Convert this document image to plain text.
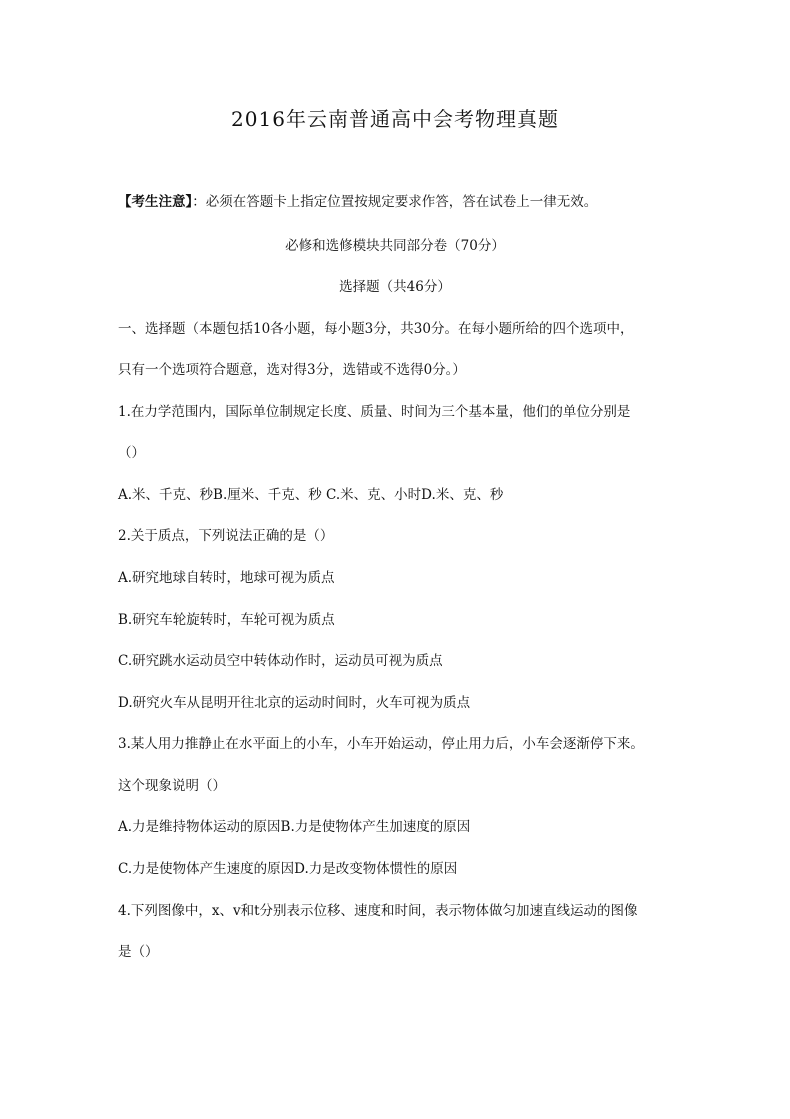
2016年云南普通高中会考物理真题
【考生注意】：必须在答题卡上指定位置按规定要求作答，答在试卷上一律无效。
必修和选修模块共同部分卷（70分）
选择题（共46分）
一、选择题（本题包括10各小题，每小题3分，共30分。在每小题所给的四个选项中，
只有一个选项符合题意，选对得3分，选错或不选得0分。）
1.在力学范围内，国际单位制规定长度、质量、时间为三个基本量，他们的单位分别是
（）
A.米、千克、秒B.厘米、千克、秒 C.米、克、小时D.米、克、秒
2.关于质点，下列说法正确的是（）
A.研究地球自转时，地球可视为质点
B.研究车轮旋转时，车轮可视为质点
C.研究跳水运动员空中转体动作时，运动员可视为质点
D.研究火车从昆明开往北京的运动时间时，火车可视为质点
3.某人用力推静止在水平面上的小车，小车开始运动，停止用力后，小车会逐渐停下来。
这个现象说明（）
A.力是维持物体运动的原因B.力是使物体产生加速度的原因
C.力是使物体产生速度的原因D.力是改变物体惯性的原因
4.下列图像中，x、v和t分别表示位移、速度和时间，表示物体做匀加速直线运动的图像
是（）
